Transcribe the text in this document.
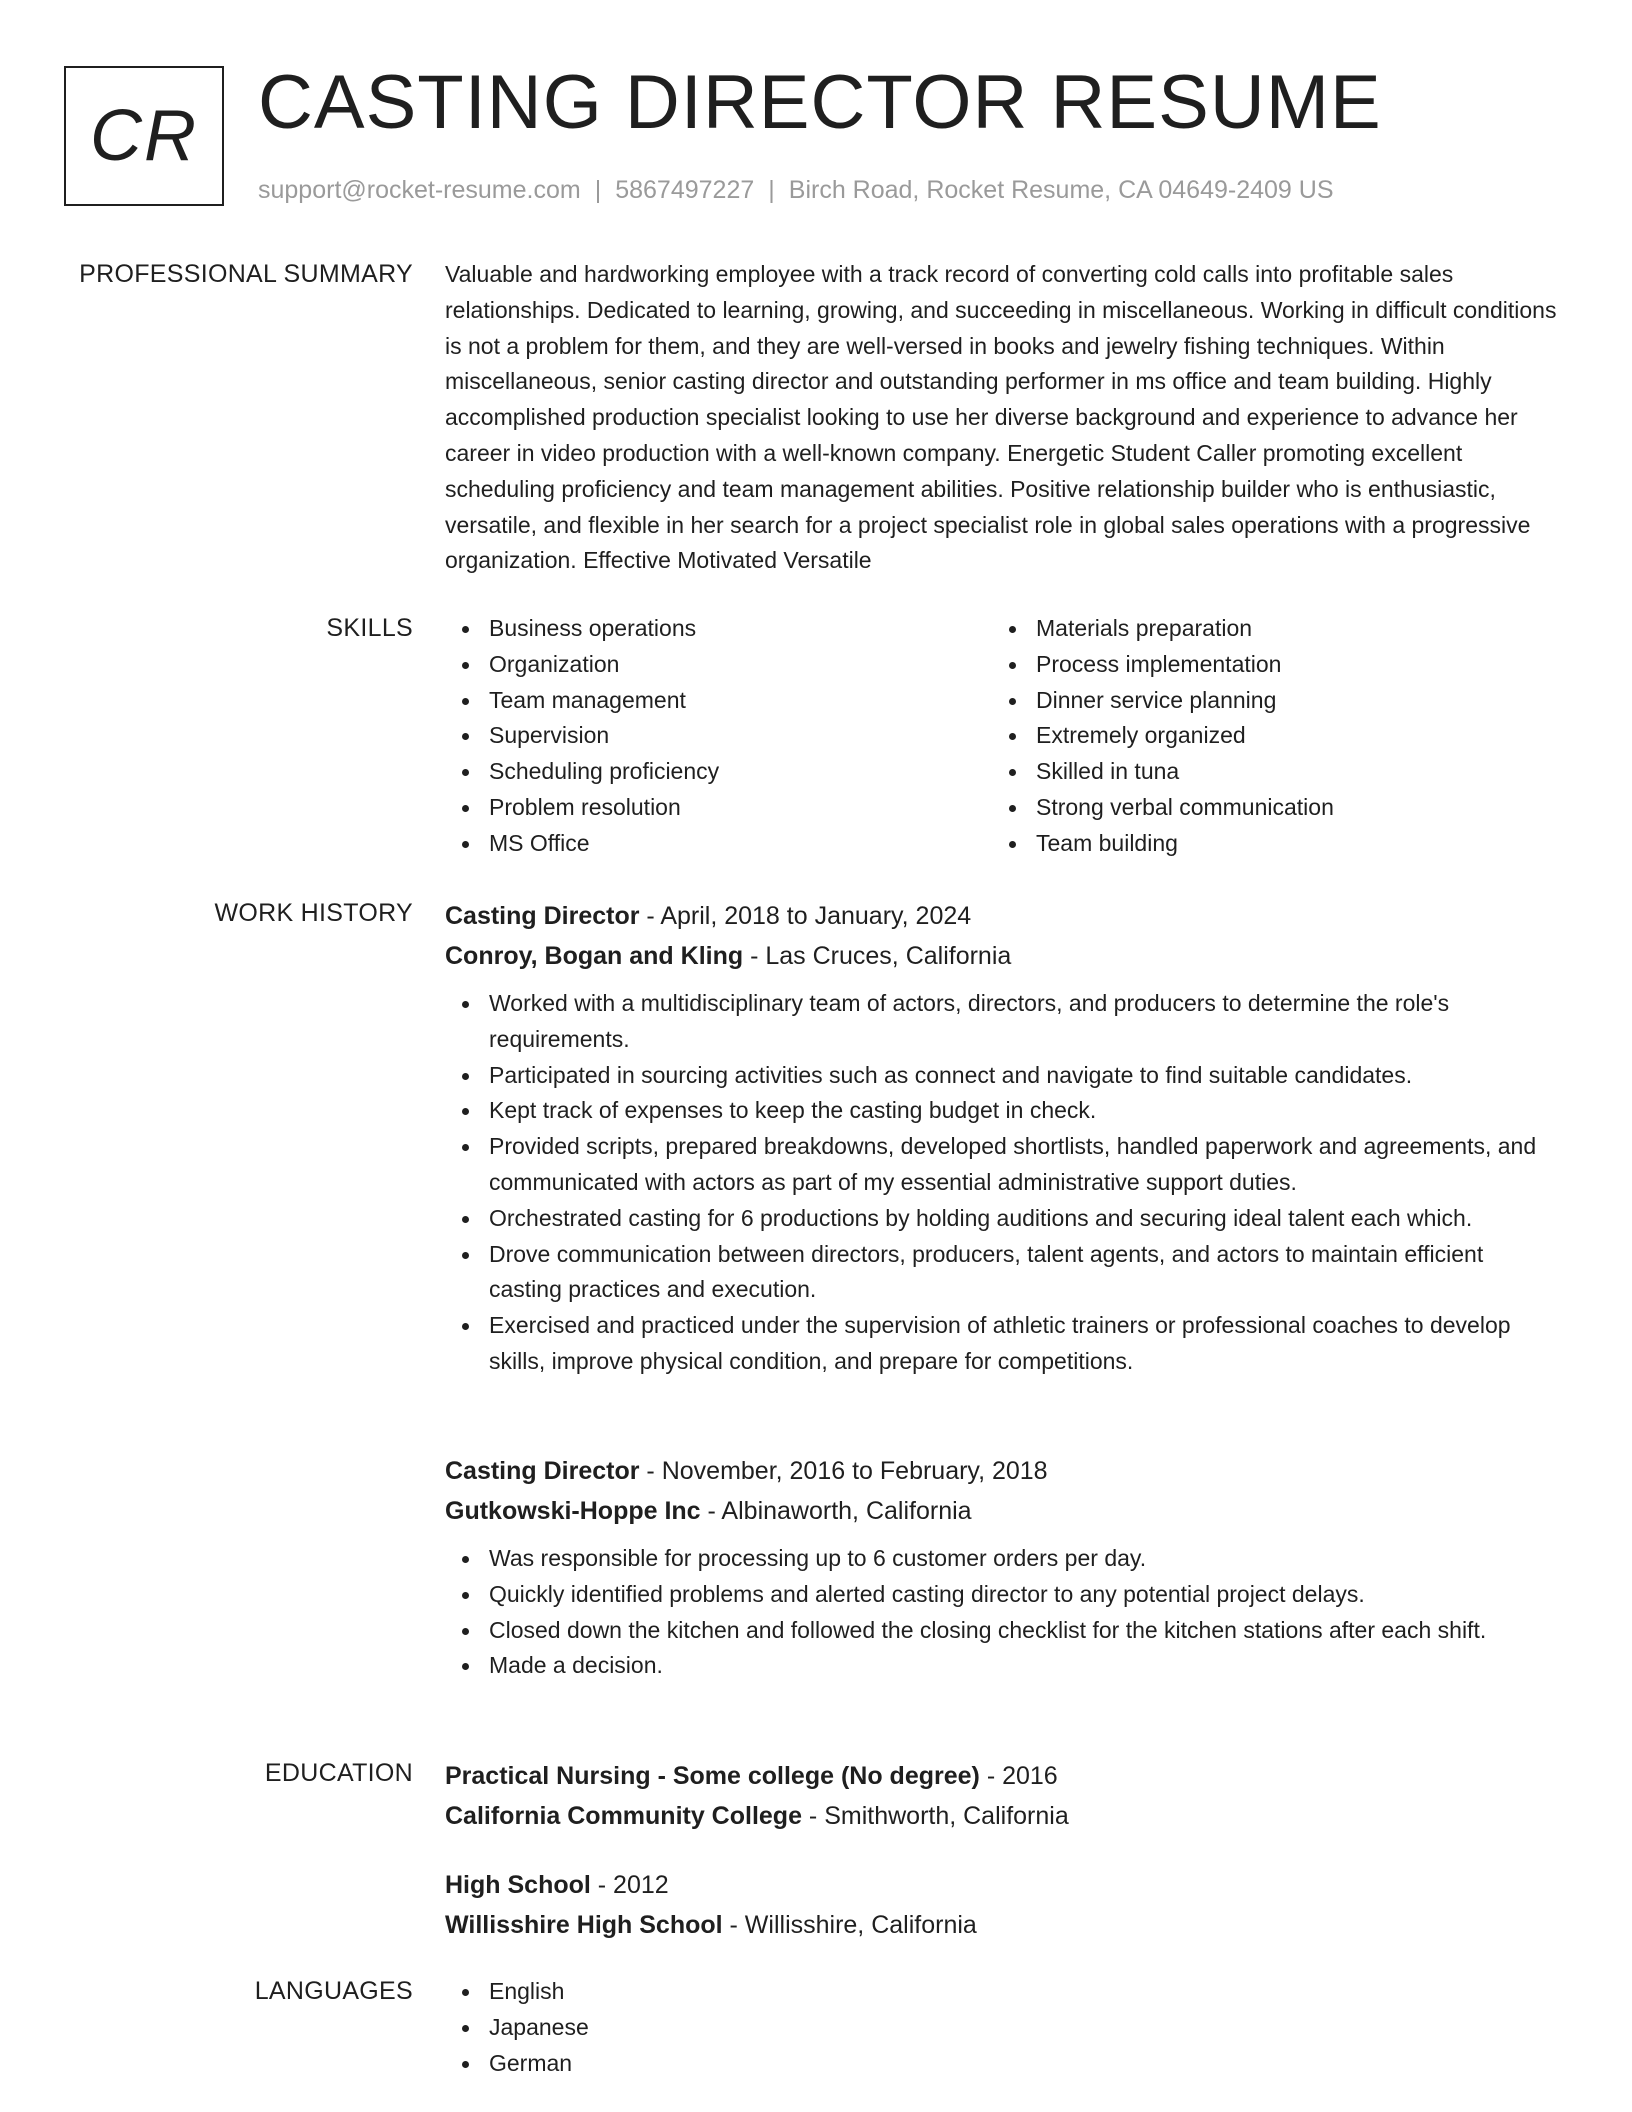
CR CASTING DIRECTOR RESUME
support@rocket-resume.com | 5867497227 | Birch Road, Rocket Resume, CA 04649-2409 US
PROFESSIONAL SUMMARY Valuable and hardworking employee with a track record of converting cold calls into profitable sales relationships. Dedicated to learning, growing, and succeeding in miscellaneous. Working in difficult conditions is not a problem for them, and they are well-versed in books and jewelry fishing techniques. Within miscellaneous, senior casting director and outstanding performer in ms office and team building. Highly accomplished production specialist looking to use her diverse background and experience to advance her career in video production with a well-known company. Energetic Student Caller promoting excellent scheduling proficiency and team management abilities. Positive relationship builder who is enthusiastic, versatile, and flexible in her search for a project specialist role in global sales operations with a progressive organization. Effective Motivated Versatile

SKILLS	Business operations
Organization
Team management
Supervision
Scheduling proficiency
Problem resolution
MS Office
Materials preparation
Process implementation
Dinner service planning
Extremely organized
Skilled in tuna
Strong verbal communication
Team building
WORK HISTORY Casting Director - April, 2018 to January, 2024
Conroy, Bogan and Kling - Las Cruces, California
Worked with a multidisciplinary team of actors, directors, and producers to determine the role's requirements.
Participated in sourcing activities such as connect and navigate to find suitable candidates.
Kept track of expenses to keep the casting budget in check.
Provided scripts, prepared breakdowns, developed shortlists, handled paperwork and agreements, and communicated with actors as part of my essential administrative support duties.
Orchestrated casting for 6 productions by holding auditions and securing ideal talent each which.
Drove communication between directors, producers, talent agents, and actors to maintain efficient casting practices and execution.
Exercised and practiced under the supervision of athletic trainers or professional coaches to develop skills, improve physical condition, and prepare for competitions.
Casting Director - November, 2016 to February, 2018
Gutkowski-Hoppe Inc - Albinaworth, California
Was responsible for processing up to 6 customer orders per day.
Quickly identified problems and alerted casting director to any potential project delays.
Closed down the kitchen and followed the closing checklist for the kitchen stations after each shift.
Made a decision.
EDUCATION Practical Nursing - Some college (No degree) - 2016
California Community College - Smithworth, California
High School - 2012
Willisshire High School - Willisshire, California
LANGUAGES	English
Japanese
German
